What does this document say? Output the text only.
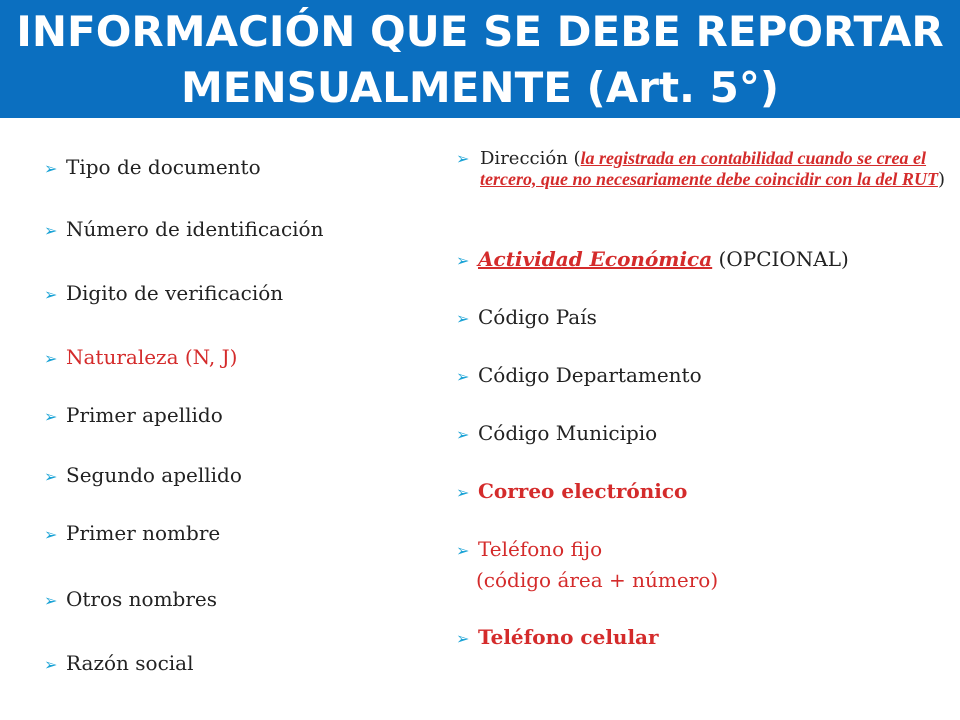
INFORMACIÓN QUE SE DEBE REPORTAR
MENSUALMENTE (Art. 5°)
➢ Tipo de documento
➢ Número de identificación
➢ Digito de verificación
➢ Naturaleza (N, J)
➢ Primer apellido
➢ Segundo apellido
➢ Primer nombre
➢ Otros nombres
➢ Razón social
➢ Dirección (la registrada en contabilidad cuando se crea el tercero, que no necesariamente debe coincidir con la del RUT)
➢ Actividad Económica (OPCIONAL)
➢ Código País
➢ Código Departamento
➢ Código Municipio
➢ Correo electrónico
➢ Teléfono fijo
(código área + número)
➢ Teléfono celular
